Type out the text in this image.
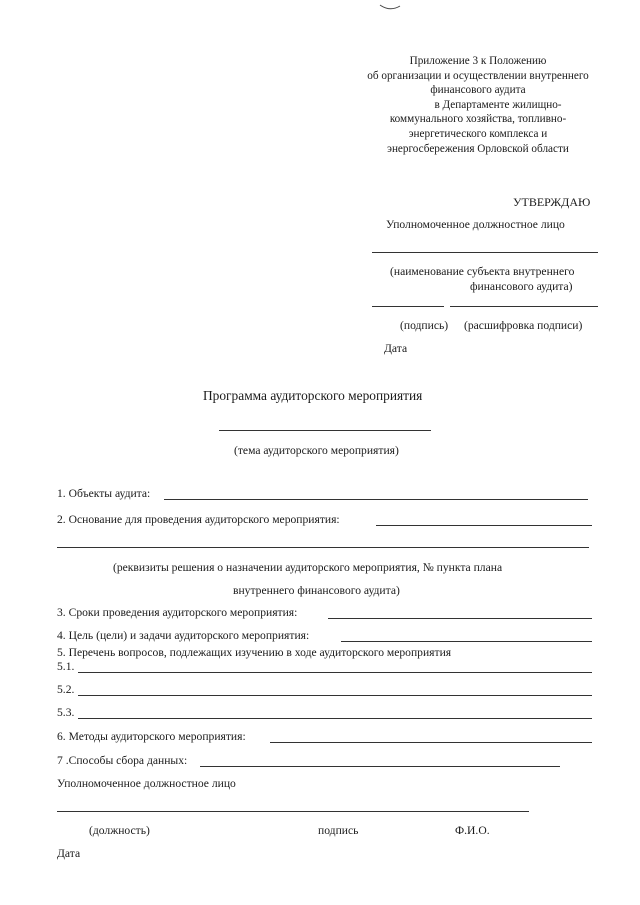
Приложение 3 к Положению
об организации и осуществлении внутреннего
финансового аудита
в Департаменте жилищно-
коммунального хозяйства, топливно-
энергетического комплекса и
энергосбережения Орловской области
УТВЕРЖДАЮ
Уполномоченное должностное лицо
(наименование субъекта внутреннего
финансового аудита)
(подпись) (расшифровка подписи)
Дата
Программа аудиторского мероприятия
(тема аудиторского мероприятия)
1. Объекты аудита:
2. Основание для проведения аудиторского мероприятия:
(реквизиты решения о назначении аудиторского мероприятия, № пункта плана
внутреннего финансового аудита)
3. Сроки проведения аудиторского мероприятия:
4. Цель (цели) и задачи аудиторского мероприятия:
5. Перечень вопросов, подлежащих изучению в ходе аудиторского мероприятия
5.1.
5.2.
5.3.
6. Методы аудиторского мероприятия:
7 .Способы сбора данных:
Уполномоченное должностное лицо
(должность)	подпись	Ф.И.О.
Дата
